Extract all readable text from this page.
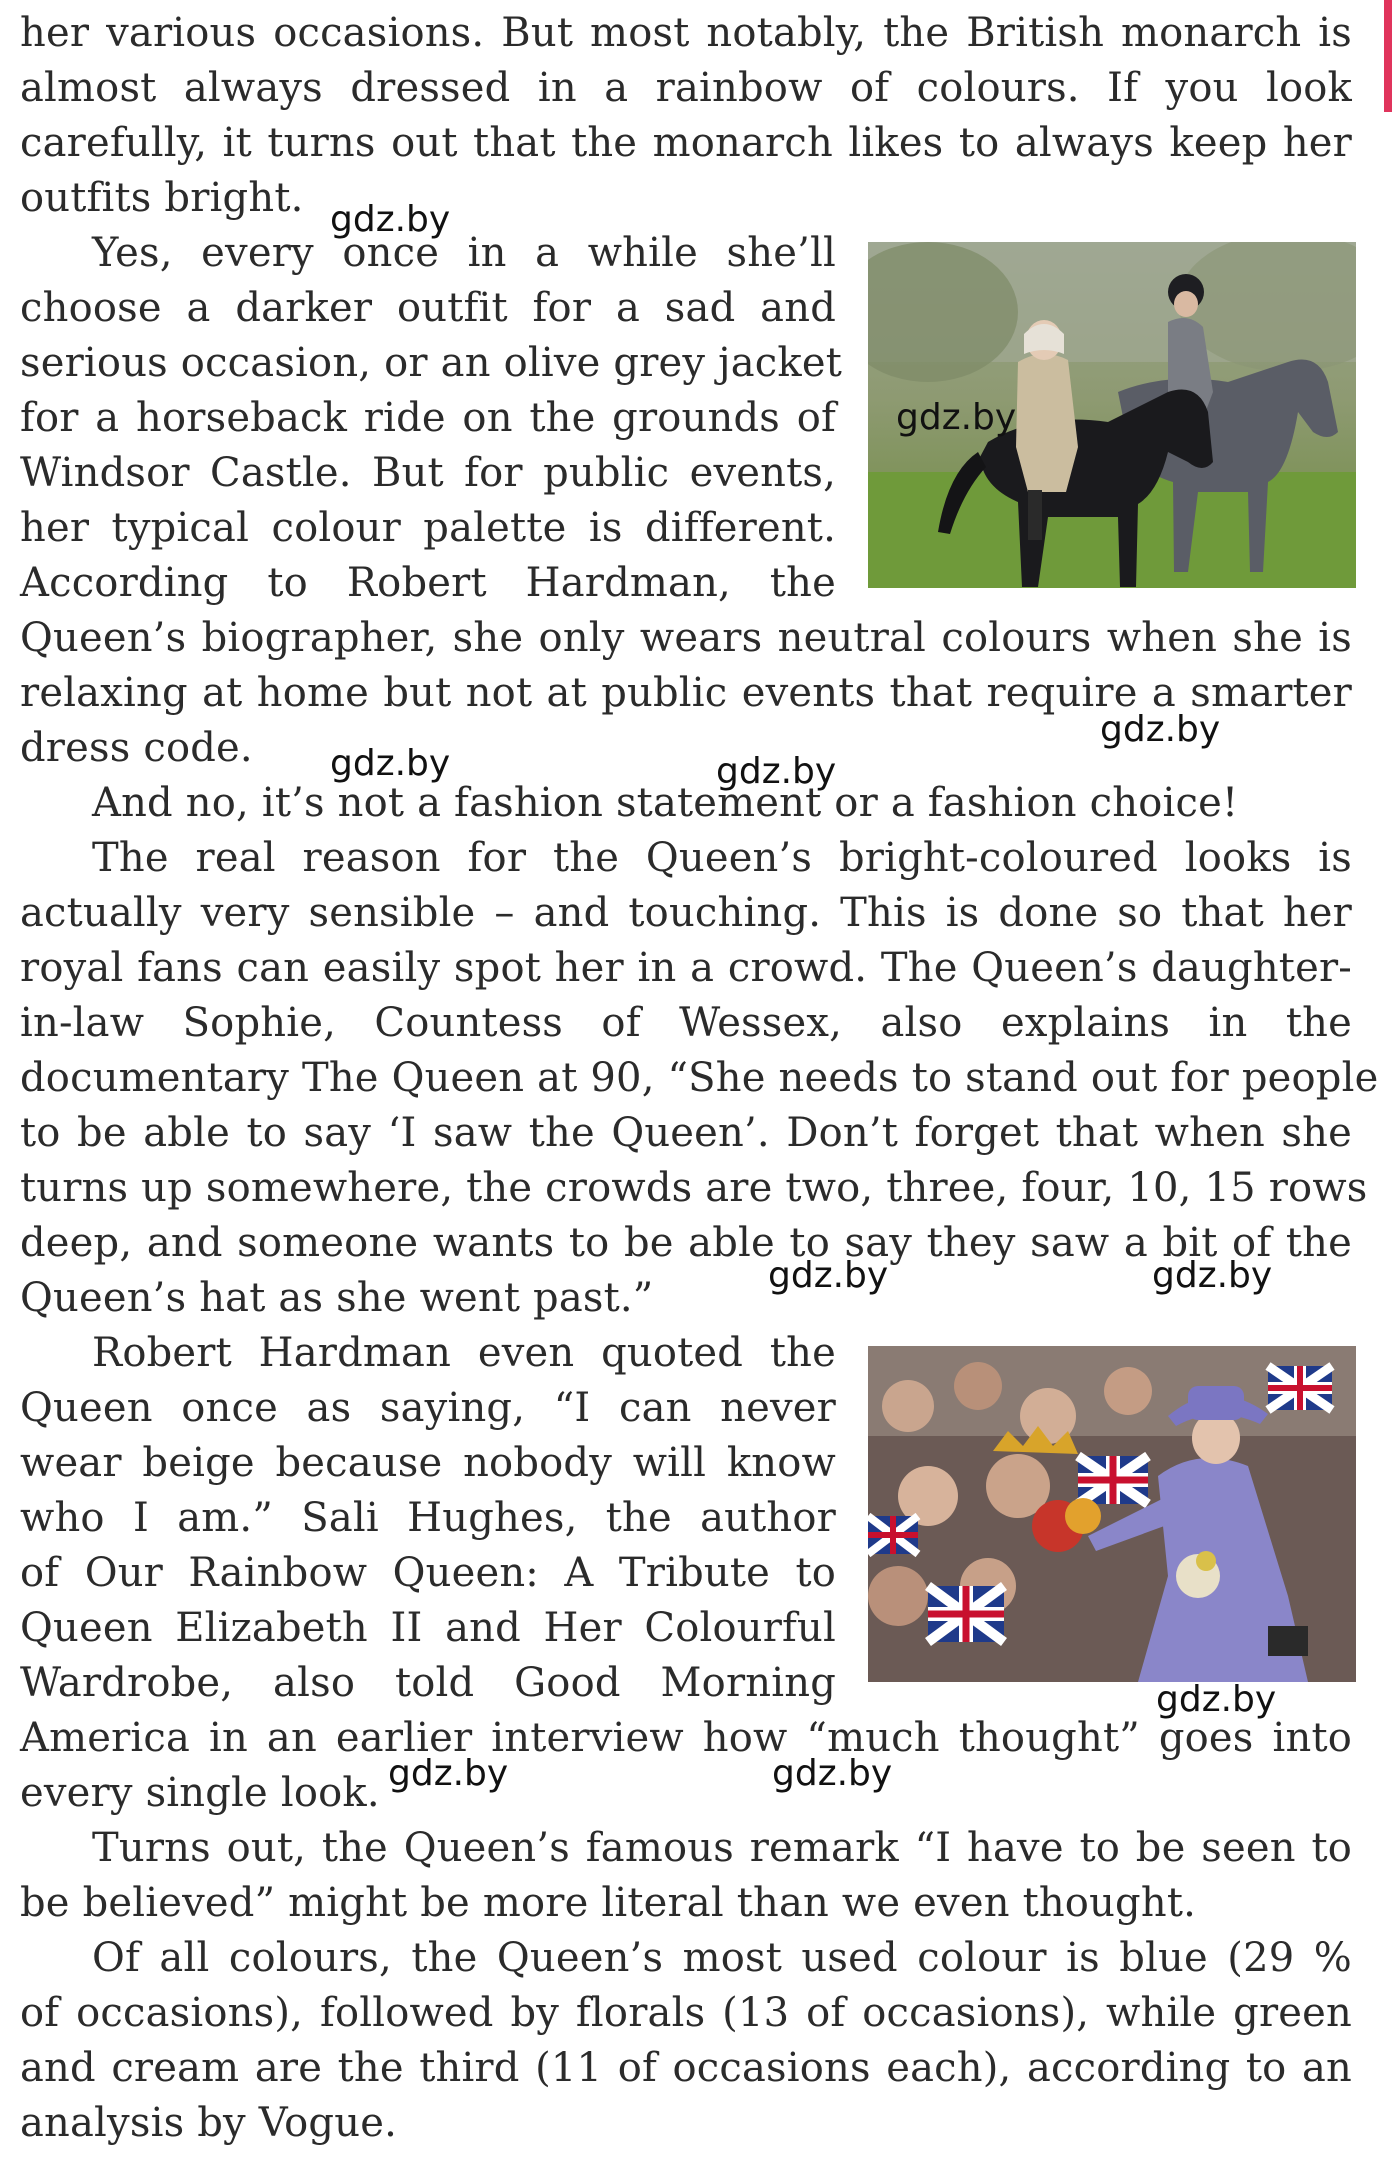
her various occasions. But most notably, the British monarch is
almost always dressed in a rainbow of colours. If you look
carefully, it turns out that the monarch likes to always keep her
outfits bright.
Yes, every once in a while she’ll
choose a darker outfit for a sad and
serious occasion, or an olive grey jacket
for a horseback ride on the grounds of
Windsor Castle. But for public events,
her typical colour palette is different.
According to Robert Hardman, the
Queen’s biographer, she only wears neutral colours when she is
relaxing at home but not at public events that require a smarter
dress code.
And no, it’s not a fashion statement or a fashion choice!
The real reason for the Queen’s bright-coloured looks is
actually very sensible – and touching. This is done so that her
royal fans can easily spot her in a crowd. The Queen’s daughter-
in-law Sophie, Countess of Wessex, also explains in the
documentary The Queen at 90, “She needs to stand out for people
to be able to say ‘I saw the Queen’. Don’t forget that when she
turns up somewhere, the crowds are two, three, four, 10, 15 rows
deep, and someone wants to be able to say they saw a bit of the
Queen’s hat as she went past.”
Robert Hardman even quoted the
Queen once as saying, “I can never
wear beige because nobody will know
who I am.” Sali Hughes, the author
of Our Rainbow Queen: A Tribute to
Queen Elizabeth II and Her Colourful
Wardrobe, also told Good Morning
America in an earlier interview how “much thought” goes into
every single look.
Turns out, the Queen’s famous remark “I have to be seen to
be believed” might be more literal than we even thought.
Of all colours, the Queen’s most used colour is blue (29 %
of occasions), followed by florals (13 of occasions), while green
and cream are the third (11 of occasions each), according to an
analysis by Vogue.
gdz.by
gdz.by
gdz.by
gdz.by	gdz.by
gdz.by	gdz.by
gdz.by
gdz.by	gdz.by
